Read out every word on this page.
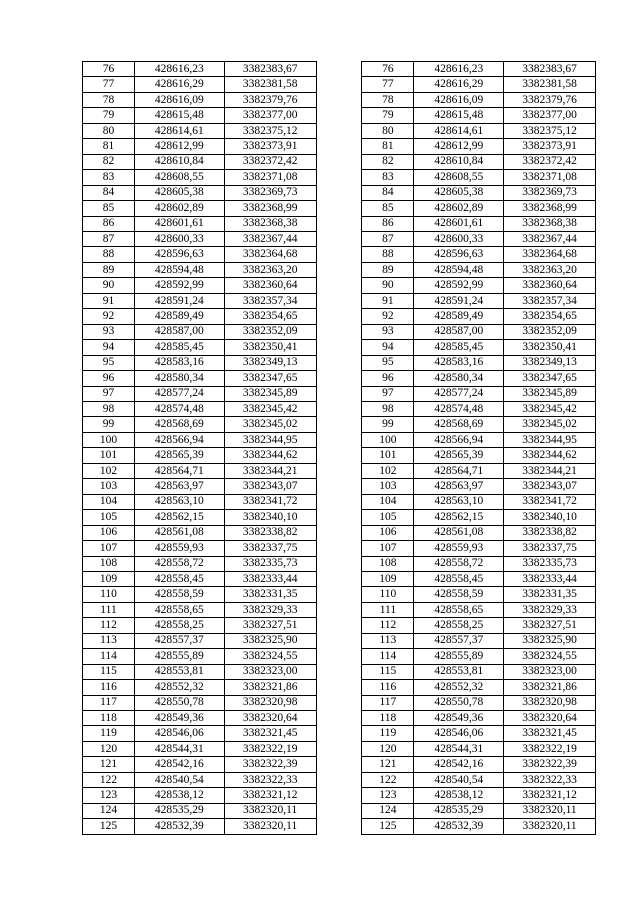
76	428616,23	3382383,67		76	428616,23	3382383,67
77	428616,29	3382381,58		77	428616,29	3382381,58
78	428616,09	3382379,76		78	428616,09	3382379,76
79	428615,48	3382377,00		79	428615,48	3382377,00
80	428614,61	3382375,12		80	428614,61	3382375,12
81	428612,99	3382373,91		81	428612,99	3382373,91
82	428610,84	3382372,42		82	428610,84	3382372,42
83	428608,55	3382371,08		83	428608,55	3382371,08
84	428605,38	3382369,73		84	428605,38	3382369,73
85	428602,89	3382368,99		85	428602,89	3382368,99
86	428601,61	3382368,38		86	428601,61	3382368,38
87	428600,33	3382367,44		87	428600,33	3382367,44
88	428596,63	3382364,68		88	428596,63	3382364,68
89	428594,48	3382363,20		89	428594,48	3382363,20
90	428592,99	3382360,64		90	428592,99	3382360,64
91	428591,24	3382357,34		91	428591,24	3382357,34
92	428589,49	3382354,65		92	428589,49	3382354,65
93	428587,00	3382352,09		93	428587,00	3382352,09
94	428585,45	3382350,41		94	428585,45	3382350,41
95	428583,16	3382349,13		95	428583,16	3382349,13
96	428580,34	3382347,65		96	428580,34	3382347,65
97	428577,24	3382345,89		97	428577,24	3382345,89
98	428574,48	3382345,42		98	428574,48	3382345,42
99	428568,69	3382345,02		99	428568,69	3382345,02
100	428566,94	3382344,95		100	428566,94	3382344,95
101	428565,39	3382344,62		101	428565,39	3382344,62
102	428564,71	3382344,21		102	428564,71	3382344,21
103	428563,97	3382343,07		103	428563,97	3382343,07
104	428563,10	3382341,72		104	428563,10	3382341,72
105	428562,15	3382340,10		105	428562,15	3382340,10
106	428561,08	3382338,82		106	428561,08	3382338,82
107	428559,93	3382337,75		107	428559,93	3382337,75
108	428558,72	3382335,73		108	428558,72	3382335,73
109	428558,45	3382333,44		109	428558,45	3382333,44
110	428558,59	3382331,35		110	428558,59	3382331,35
111	428558,65	3382329,33		111	428558,65	3382329,33
112	428558,25	3382327,51		112	428558,25	3382327,51
113	428557,37	3382325,90		113	428557,37	3382325,90
114	428555,89	3382324,55		114	428555,89	3382324,55
115	428553,81	3382323,00		115	428553,81	3382323,00
116	428552,32	3382321,86		116	428552,32	3382321,86
117	428550,78	3382320,98		117	428550,78	3382320,98
118	428549,36	3382320,64		118	428549,36	3382320,64
119	428546,06	3382321,45		119	428546,06	3382321,45
120	428544,31	3382322,19		120	428544,31	3382322,19
121	428542,16	3382322,39		121	428542,16	3382322,39
122	428540,54	3382322,33		122	428540,54	3382322,33
123	428538,12	3382321,12		123	428538,12	3382321,12
124	428535,29	3382320,11		124	428535,29	3382320,11
125	428532,39	3382320,11		125	428532,39	3382320,11
